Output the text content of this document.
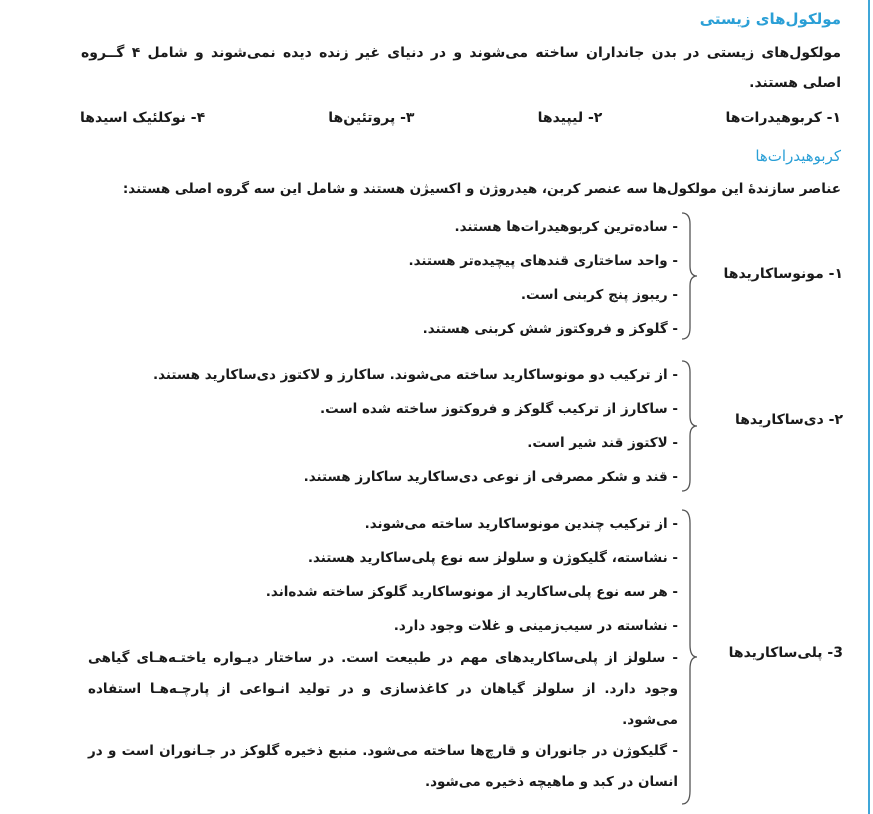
مولکول‌های زیستی
مولکول‌های زیستی در بدن جانداران ساخته می‌شوند و در دنیای غیر زنده دیده نمی‌شوند و شامل ۴ گــروه اصلی هستند.
۱- کربوهیدرات‌ها
۲- لیپیدها
۳- پروتئین‌ها
۴- نوکلئیک اسیدها
کربوهیدرات‌ها
عناصر سازندهٔ این مولکول‌ها سه عنصر کربن، هیدروژن و اکسیژن هستند و شامل این سه گروه اصلی هستند:
۱- مونوساکاریدها
- ساده‌ترین کربوهیدرات‌ها هستند.
- واحد ساختاری قندهای پیچیده‌تر هستند.
- ریبوز پنج کربنی است.
- گلوکز و فروکتوز شش کربنی هستند.
۲- دی‌ساکاریدها
- از ترکیب دو مونوساکارید ساخته می‌شوند. ساکارز و لاکتوز دی‌ساکارید هستند.
- ساکارز از ترکیب گلوکز و فروکتوز ساخته شده است.
- لاکتوز قند شیر است.
- قند و شکر مصرفی از نوعی دی‌ساکارید ساکارز هستند.
3- پلی‌ساکاریدها
- از ترکیب چندین مونوساکارید ساخته می‌شوند.
- نشاسته، گلیکوژن و سلولز سه نوع پلی‌ساکارید هستند.
- هر سه نوع پلی‌ساکارید از مونوساکارید گلوکز ساخته شده‌اند.
- نشاسته در سیب‌زمینی و غلات وجود دارد.
- سلولز از پلی‌ساکاریدهای مهم در طبیعت است. در ساختار دیـواره یاختـه‌هـای گیاهی وجود دارد. از سلولز گیاهان در کاغذسازی و در تولید انـواعی از پارچـه‌هـا استفاده می‌شود.
- گلیکوژن در جانوران و قارچ‌ها ساخته می‌شود. منبع ذخیره گلوکز در جـانوران است و در انسان در کبد و ماهیچه ذخیره می‌شود.
